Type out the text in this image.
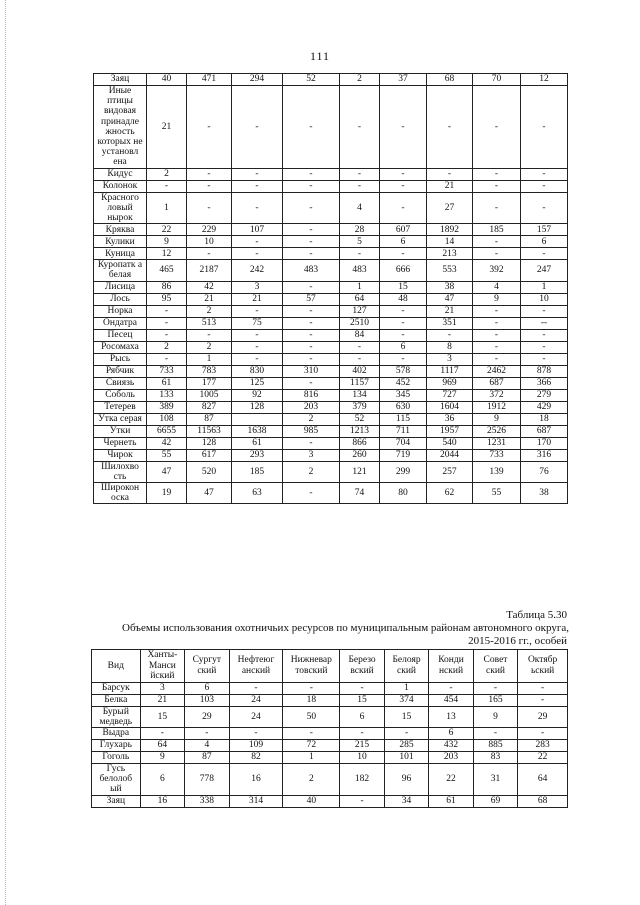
111
Заяц	40	471	294	52	2	37	68	70	12
Иные птицы видовая принадле жность которых не установл ена	21	-	-	-	-	-	-	-	-
Кидус	2	-	-	-	-	-	-	-	-
Колонок	-	-	-	-	-	-	21	-	-
Красного ловый нырок	1	-	-	-	4	-	27	-	-
Кряква	22	229	107	-	28	607	1892	185	157
Кулики	9	10	-	-	5	6	14	-	6
Куница	12	-	-	-	-	-	213	-	-
Куропатк а белая	465	2187	242	483	483	666	553	392	247
Лисица	86	42	3	-	1	15	38	4	1
Лось	95	21	21	57	64	48	47	9	10
Норка	-	2	-	-	127	-	21	-	-
Ондатра	-	513	75	-	2510	-	351	-	--
Песец	-	-	-	-	84	-	-	-	-
Росомаха	2	2	-	-	-	6	8	-	-
Рысь	-	1	-	-	-	-	3	-	-
Рябчик	733	783	830	310	402	578	1117	2462	878
Свиязь	61	177	125	-	1157	452	969	687	366
Соболь	133	1005	92	816	134	345	727	372	279
Тетерев	389	827	128	203	379	630	1604	1912	429
Утка серая	108	87		2	52	115	36	9	18
Утки	6655	11563	1638	985	1213	711	1957	2526	687
Чернеть	42	128	61	-	866	704	540	1231	170
Чирок	55	617	293	3	260	719	2044	733	316
Шилохво сть	47	520	185	2	121	299	257	139	76
Широкон оска	19	47	63	-	74	80	62	55	38
Таблица 5.30
Объемы использования охотничьих ресурсов по муниципальным районам автономного округа,
2015-2016 гг., особей
Вид	Ханты-Манси йский	Сургут ский	Нефтеюг анский	Нижневар товский	Березо вский	Белояр ский	Конди нский	Совет ский	Октябр ьский
Барсук	3	6	-	-	-	1	-	-	-
Белка	21	103	24	18	15	374	454	165	-
Бурый медведь	15	29	24	50	6	15	13	9	29
Выдра	-	-	-	-	-	-	6	-	-
Глухарь	64	4	109	72	215	285	432	885	283
Гоголь	9	87	82	1	10	101	203	83	22
Гусь белолоб ый	6	778	16	2	182	96	22	31	64
Заяц	16	338	314	40	-	34	61	69	68
